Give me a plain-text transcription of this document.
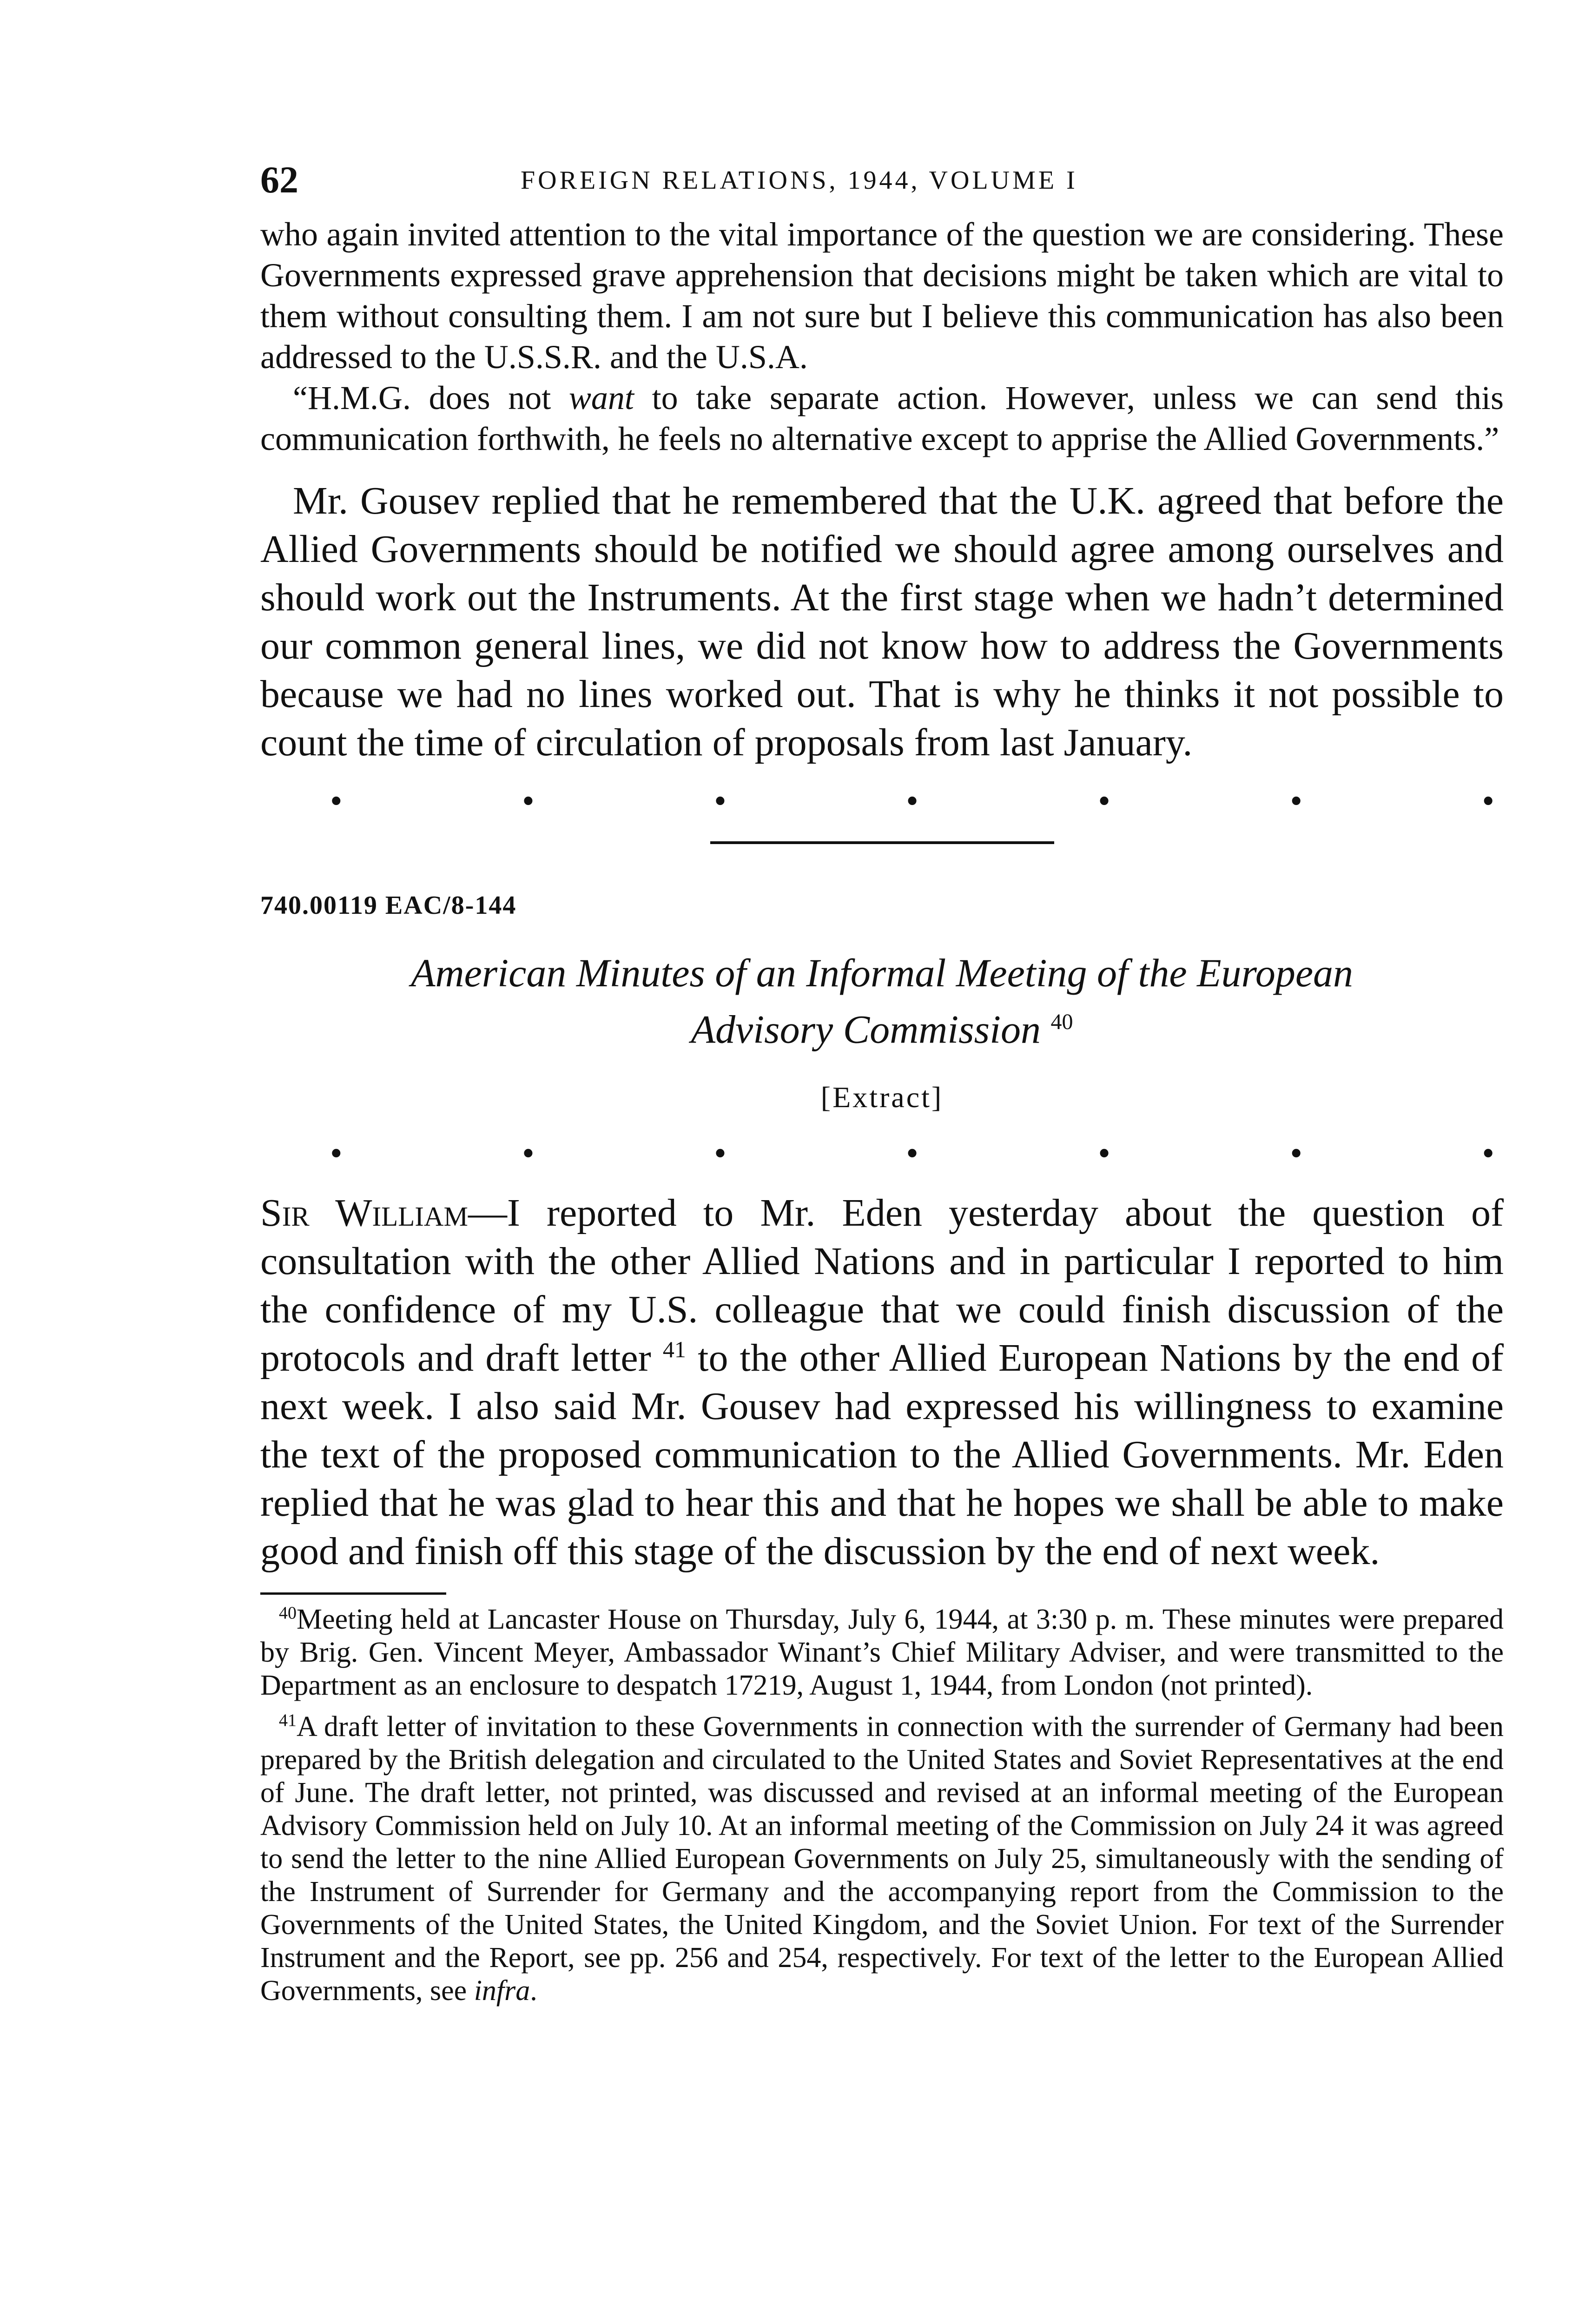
62	FOREIGN RELATIONS, 1944, VOLUME I

who again invited attention to the vital importance of the question we are considering. These Governments expressed grave apprehension that decisions might be taken which are vital to them without consulting them. I am not sure but I believe this communication has also been addressed to the U.S.S.R. and the U.S.A.

“H.M.G. does not want to take separate action. However, unless we can send this communication forthwith, he feels no alternative except to apprise the Allied Governments.”

Mr. Gousev replied that he remembered that the U.K. agreed that before the Allied Governments should be notified we should agree among ourselves and should work out the Instruments. At the first stage when we hadn’t determined our common general lines, we did not know how to address the Governments because we had no lines worked out. That is why he thinks it not possible to count the time of circulation of proposals from last January.

•	•	•	•	•	•	•
740.00119 EAC/8-144
American Minutes of an Informal Meeting of the European
Advisory Commission $^{40}$
[Extract]
•	•	•	•	•	•	•

Sir William—I reported to Mr. Eden yesterday about the question of consultation with the other Allied Nations and in particular I reported to him the confidence of my U.S. colleague that we could finish discussion of the protocols and draft letter $^{41}$ to the other Allied European Nations by the end of next week. I also said Mr. Gousev had expressed his willingness to examine the text of the proposed communication to the Allied Governments. Mr. Eden replied that he was glad to hear this and that he hopes we shall be able to make good and finish off this stage of the discussion by the end of next week.

$^{40}$Meeting held at Lancaster House on Thursday, July 6, 1944, at 3:30 p. m. These minutes were prepared by Brig. Gen. Vincent Meyer, Ambassador Winant’s Chief Military Adviser, and were transmitted to the Department as an enclosure to despatch 17219, August 1, 1944, from London (not printed).

$^{41}$A draft letter of invitation to these Governments in connection with the surrender of Germany had been prepared by the British delegation and circulated to the United States and Soviet Representatives at the end of June. The draft letter, not printed, was discussed and revised at an informal meeting of the European Advisory Commission held on July 10. At an informal meeting of the Commission on July 24 it was agreed to send the letter to the nine Allied European Governments on July 25, simultaneously with the sending of the Instrument of Surrender for Germany and the accompanying report from the Commission to the Governments of the United States, the United Kingdom, and the Soviet Union. For text of the Surrender Instrument and the Report, see pp. 256 and 254, respectively. For text of the letter to the European Allied Governments, see infra.
